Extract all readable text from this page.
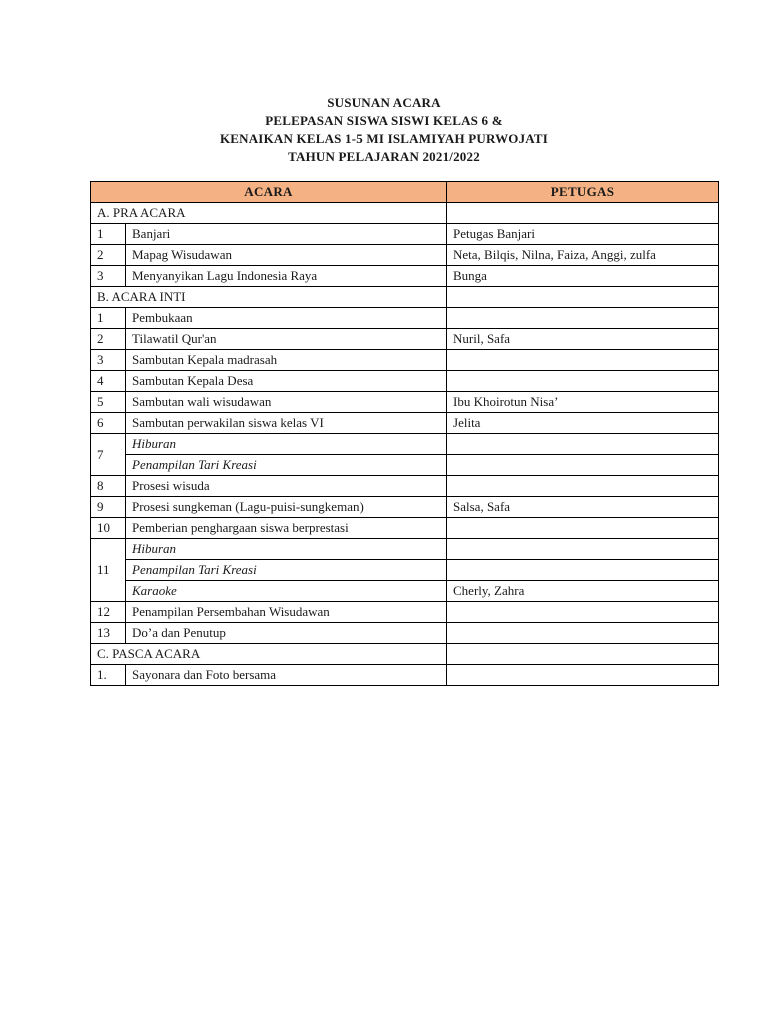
SUSUNAN ACARA
PELEPASAN SISWA SISWI KELAS 6 &
KENAIKAN KELAS 1-5 MI ISLAMIYAH PURWOJATI
TAHUN PELAJARAN 2021/2022
ACARA		PETUGAS
A. PRA ACARA		
1	Banjari	Petugas Banjari
2	Mapag Wisudawan	Neta, Bilqis, Nilna, Faiza, Anggi, zulfa
3	Menyanyikan Lagu Indonesia Raya	Bunga
B. ACARA INTI		
1	Pembukaan	
2	Tilawatil Qur'an	Nuril, Safa
3	Sambutan Kepala madrasah	
4	Sambutan Kepala Desa	
5	Sambutan wali wisudawan	Ibu Khoirotun Nisa’
6	Sambutan perwakilan siswa kelas VI	Jelita
7	Hiburan	
	Penampilan Tari Kreasi	
8	Prosesi wisuda	
9	Prosesi sungkeman (Lagu-puisi-sungkeman)	Salsa, Safa
10	Pemberian penghargaan siswa berprestasi	
11	Hiburan	
	Penampilan Tari Kreasi	
	Karaoke	Cherly, Zahra
12	Penampilan Persembahan Wisudawan	
13	Do’a dan Penutup	
C. PASCA ACARA		
1.	Sayonara dan Foto bersama	
